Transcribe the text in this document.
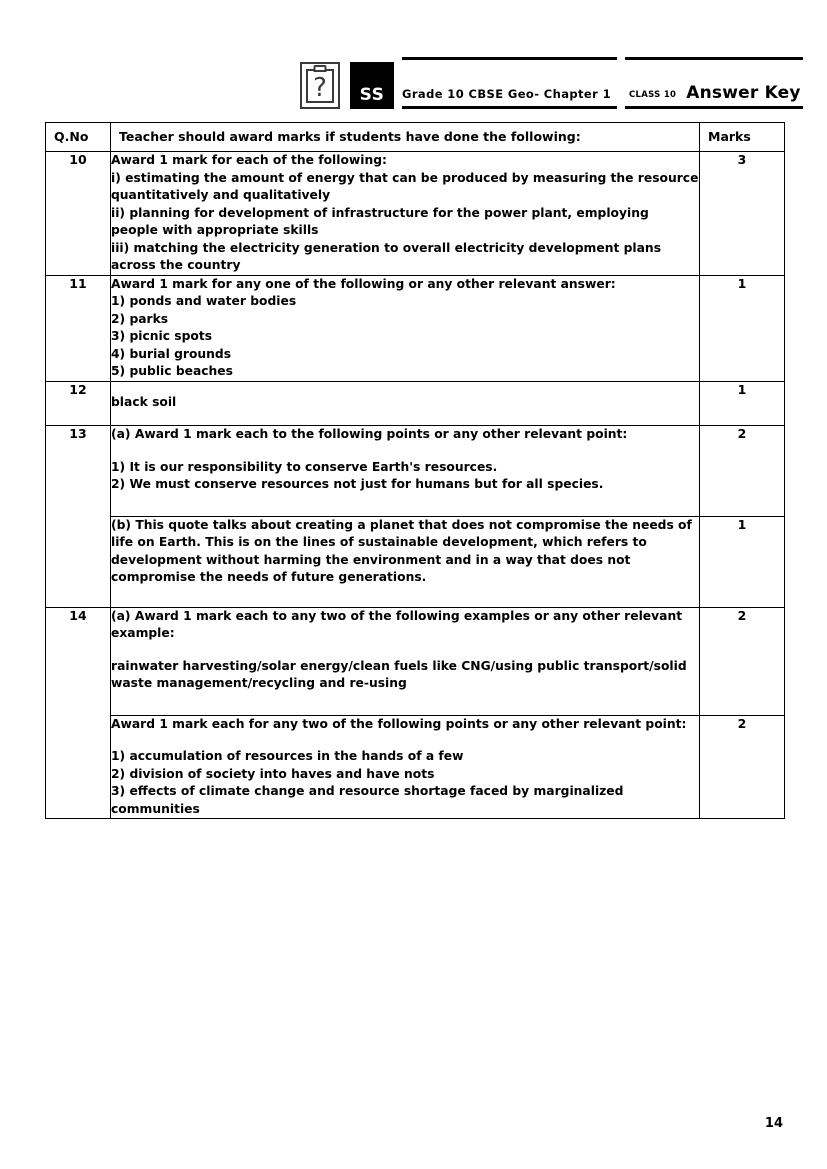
?	SS	Grade 10 CBSE Geo- Chapter 1 CLASS 10 Answer Key
Q.No	Teacher should award marks if students have done the following:	Marks
10	Award 1 mark for each of the following:

i) estimating the amount of energy that can be produced by measuring the resource quantitatively and qualitatively

ii) planning for development of infrastructure for the power plant, employing people with appropriate skills

iii) matching the electricity generation to overall electricity development plans across the country	3
11	Award 1 mark for any one of the following or any other relevant answer:

1) ponds and water bodies

2) parks

3) picnic spots

4) burial grounds

5) public beaches

	1
12	black soil	1
13	(a) Award 1 mark each to the following points or any other relevant point:

1) It is our responsibility to conserve Earth's resources.

2) We must conserve resources not just for humans but for all species.	2

	(b) This quote talks about creating a planet that does not compromise the needs of life on Earth. This is on the lines of sustainable development, which refers to development without harming the environment and in a way that does not compromise the needs of future generations.	1
14	(a) Award 1 mark each to any two of the following examples or any other relevant example:

rainwater harvesting/solar energy/clean fuels like CNG/using public transport/solid waste management/recycling and re-using	2

	Award 1 mark each for any two of the following points or any other relevant point:

1) accumulation of resources in the hands of a few

2) division of society into haves and have nots

3) effects of climate change and resource shortage faced by marginalized communities	2
14
